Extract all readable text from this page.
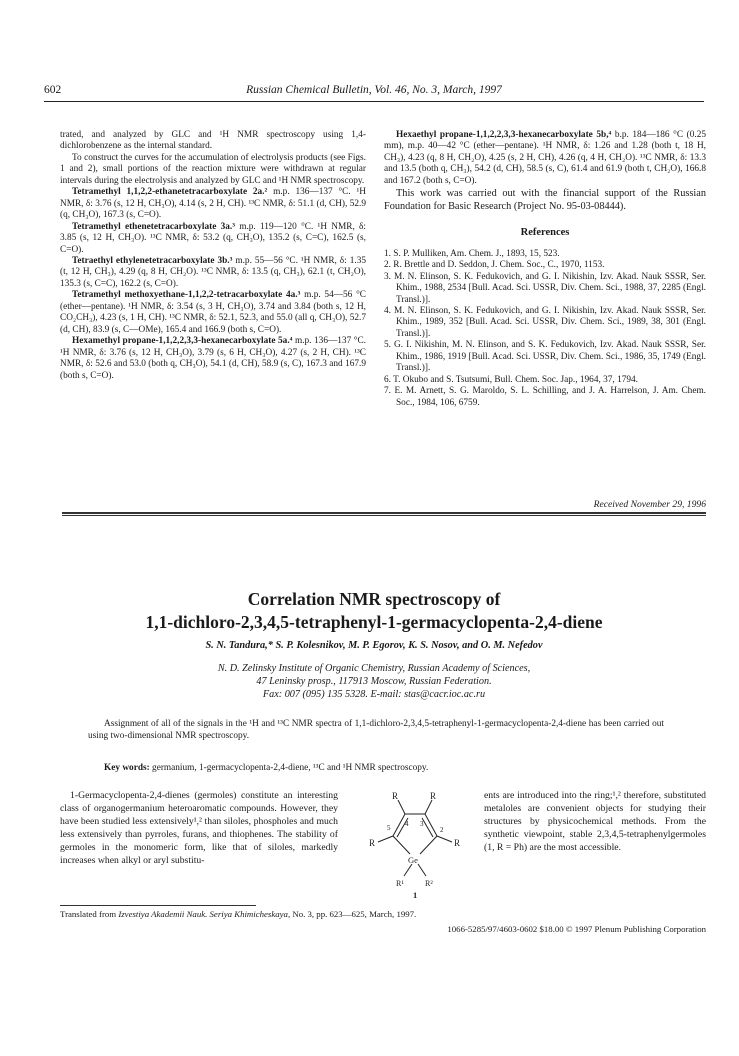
602	Russian Chemical Bulletin, Vol. 46, No. 3, March, 1997

trated, and analyzed by GLC and ¹H NMR spectroscopy using 1,4-dichlorobenzene as the internal standard.

To construct the curves for the accumulation of electrolysis products (see Figs. 1 and 2), small portions of the reaction mixture were withdrawn at regular intervals during the electrolysis and analyzed by GLC and ¹H NMR spectroscopy.

Tetramethyl 1,1,2,2-ethanetetracarboxylate 2a.² m.p. 136—137 °C. ¹H NMR, δ: 3.76 (s, 12 H, CH₃O), 4.14 (s, 2 H, CH). ¹³C NMR, δ: 51.1 (d, CH), 52.9 (q, CH₃O), 167.3 (s, C=O).

Tetramethyl ethenetetracarboxylate 3a.³ m.p. 119—120 °C. ¹H NMR, δ: 3.85 (s, 12 H, CH₃O). ¹³C NMR, δ: 53.2 (q, CH₃O), 135.2 (s, C=C), 162.5 (s, C=O).

Tetraethyl ethylenetetracarboxylate 3b.³ m.p. 55—56 °C. ¹H NMR, δ: 1.35 (t, 12 H, CH₃), 4.29 (q, 8 H, CH₂O). ¹³C NMR, δ: 13.5 (q, CH₃), 62.1 (t, CH₂O), 135.3 (s, C=C), 162.2 (s, C=O).

Tetramethyl methoxyethane-1,1,2,2-tetracarboxylate 4a.³ m.p. 54—56 °C (ether—pentane). ¹H NMR, δ: 3.54 (s, 3 H, CH₃O), 3.74 and 3.84 (both s, 12 H, CO₂CH₃), 4.23 (s, 1 H, CH). ¹³C NMR, δ: 52.1, 52.3, and 55.0 (all q, CH₃O), 52.7 (d, CH), 83.9 (s, C—OMe), 165.4 and 166.9 (both s, C=O).

Hexamethyl propane-1,1,2,2,3,3-hexanecarboxylate 5a.⁴ m.p. 136—137 °C. ¹H NMR, δ: 3.76 (s, 12 H, CH₃O), 3.79 (s, 6 H, CH₃O), 4.27 (s, 2 H, CH). ¹³C NMR, δ: 52.6 and 53.0 (both q, CH₃O), 54.1 (d, CH), 58.9 (s, C), 167.3 and 167.9 (both s, C=O).

Hexaethyl propane-1,1,2,2,3,3-hexanecarboxylate 5b,⁴ b.p. 184—186 °C (0.25 mm), m.p. 40—42 °C (ether—pentane). ¹H NMR, δ: 1.26 and 1.28 (both t, 18 H, CH₃), 4.23 (q, 8 H, CH₂O), 4.25 (s, 2 H, CH), 4.26 (q, 4 H, CH₂O). ¹³C NMR, δ: 13.3 and 13.5 (both q, CH₃), 54.2 (d, CH), 58.5 (s, C), 61.4 and 61.9 (both t, CH₂O), 166.8 and 167.2 (both s, C=O).

This work was carried out with the financial support of the Russian Foundation for Basic Research (Project No. 95-03-08444).

References
1. S. P. Mulliken, Am. Chem. J., 1893, 15, 523.
2. R. Brettle and D. Seddon, J. Chem. Soc., C., 1970, 1153.
3. M. N. Elinson, S. K. Fedukovich, and G. I. Nikishin, Izv. Akad. Nauk SSSR, Ser. Khim., 1988, 2534 [Bull. Acad. Sci. USSR, Div. Chem. Sci., 1988, 37, 2285 (Engl. Transl.)].
4. M. N. Elinson, S. K. Fedukovich, and G. I. Nikishin, Izv. Akad. Nauk SSSR, Ser. Khim., 1989, 352 [Bull. Acad. Sci. USSR, Div. Chem. Sci., 1989, 38, 301 (Engl. Transl.)].
5. G. I. Nikishin, M. N. Elinson, and S. K. Fedukovich, Izv. Akad. Nauk SSSR, Ser. Khim., 1986, 1919 [Bull. Acad. Sci. USSR, Div. Chem. Sci., 1986, 35, 1749 (Engl. Transl.)].
6. T. Okubo and S. Tsutsumi, Bull. Chem. Soc. Jap., 1964, 37, 1794.
7. E. M. Arnett, S. G. Maroldo, S. L. Schilling, and J. A. Harrelson, J. Am. Chem. Soc., 1984, 106, 6759.
Received November 29, 1996
Correlation NMR spectroscopy of
1,1-dichloro-2,3,4,5-tetraphenyl-1-germacyclopenta-2,4-diene
S. N. Tandura,* S. P. Kolesnikov, M. P. Egorov, K. S. Nosov, and O. M. Nefedov
N. D. Zelinsky Institute of Organic Chemistry, Russian Academy of Sciences,
47 Leninsky prosp., 117913 Moscow, Russian Federation.
Fax: 007 (095) 135 5328. E-mail: stas@cacr.ioc.ac.ru
Assignment of all of the signals in the ¹H and ¹³C NMR spectra of 1,1-dichloro-2,3,4,5-tetraphenyl-1-germacyclopenta-2,4-diene has been carried out using two-dimensional NMR spectroscopy.
Key words: germanium, 1-germacyclopenta-2,4-diene, ¹³C and ¹H NMR spectroscopy.
1-Germacyclopenta-2,4-dienes (germoles) constitute an interesting class of organogermanium heteroaromatic compounds. However, they have been studied less extensively¹,² than siloles, phospholes and much less extensively than pyrroles, furans, and thiophenes. The stability of germoles in the monomeric form, like that of siloles, markedly increases when alkyl or aryl substitu-
R	R
4 3
5	2
R	R
Ge
R¹	R²
1
ents are introduced into the ring;¹,² therefore, substituted metaloles are convenient objects for studying their structures by physicochemical methods. From the synthetic viewpoint, stable 2,3,4,5-tetraphenylgermoles (1, R = Ph) are the most accessible.
Translated from Izvestiya Akademii Nauk. Seriya Khimicheskaya, No. 3, pp. 623—625, March, 1997.
1066-5285/97/4603-0602 $18.00 © 1997 Plenum Publishing Corporation
